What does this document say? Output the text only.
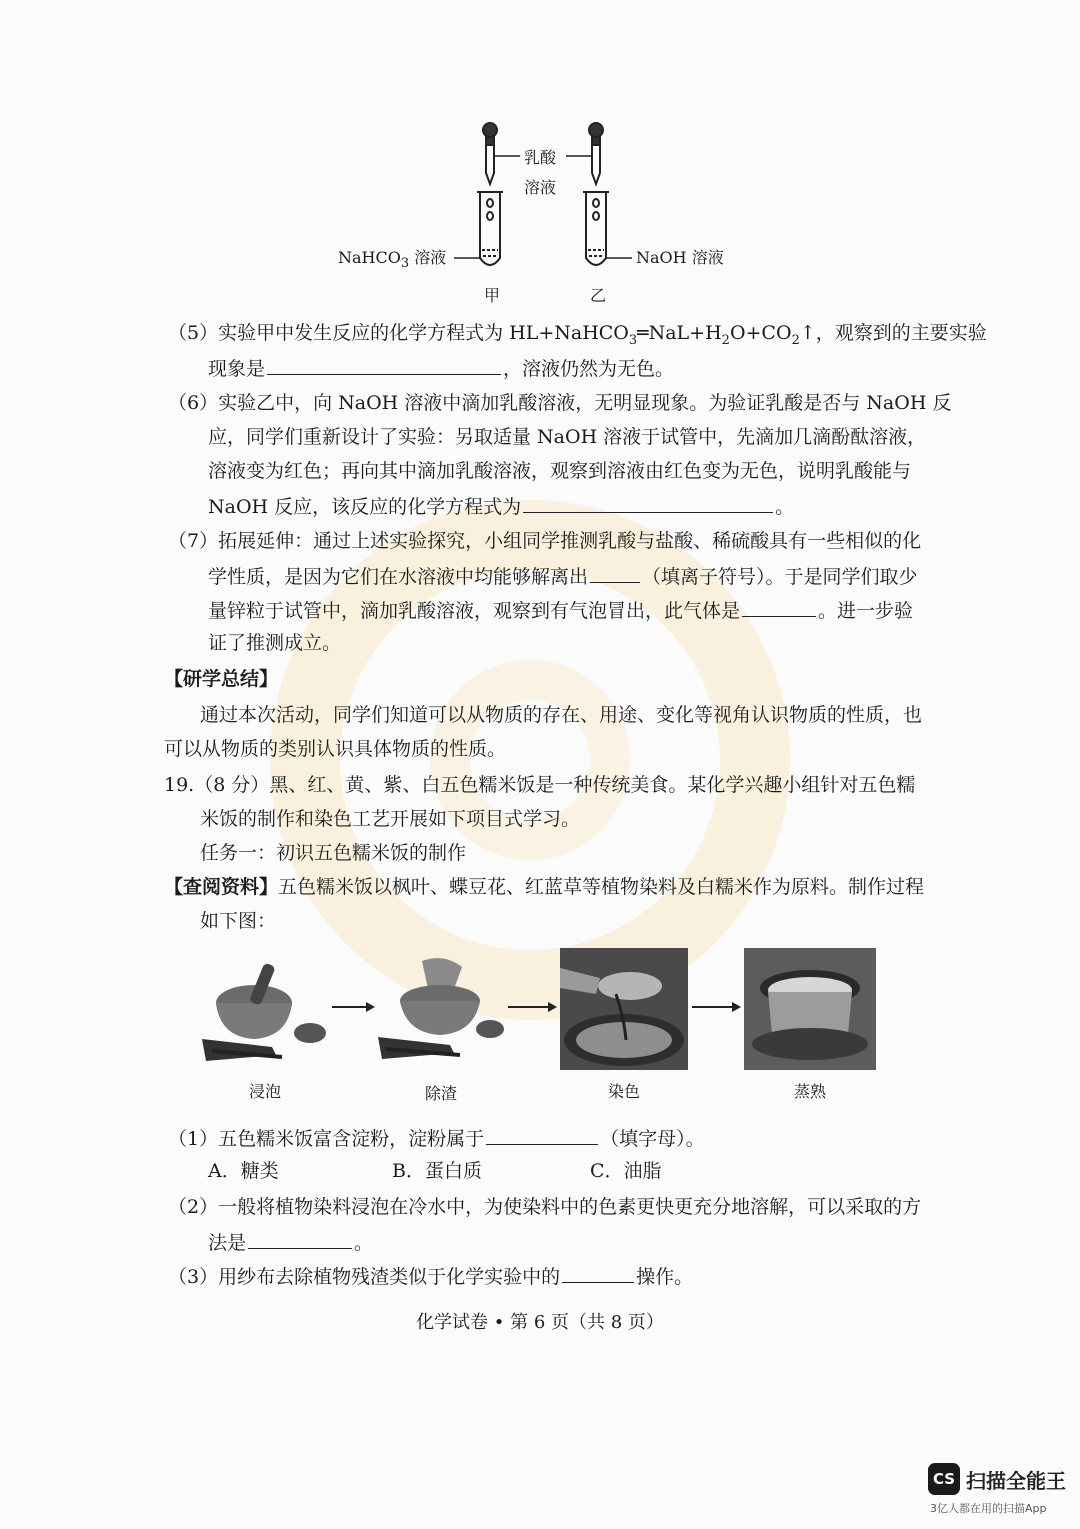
乳酸
溶液
NaHCO$_3$ 溶液	NaOH 溶液
甲	乙
（5）实验甲中发生反应的化学方程式为 $HL+NaHCO_3═NaL+H_2O+CO_2↑$，观察到的主要实验
现象是	，溶液仍然为无色。
（6）实验乙中，向 NaOH 溶液中滴加乳酸溶液，无明显现象。为验证乳酸是否与 NaOH 反
应，同学们重新设计了实验：另取适量 NaOH 溶液于试管中，先滴加几滴酚酞溶液，
溶液变为红色；再向其中滴加乳酸溶液，观察到溶液由红色变为无色，说明乳酸能与
NaOH 反应，该反应的化学方程式为	。
（7）拓展延伸：通过上述实验探究，小组同学推测乳酸与盐酸、稀硫酸具有一些相似的化
学性质，是因为它们在水溶液中均能够解离出	（填离子符号）。于是同学们取少
量锌粒于试管中，滴加乳酸溶液，观察到有气泡冒出，此气体是	。进一步验
证了推测成立。
【研学总结】
通过本次活动，同学们知道可以从物质的存在、用途、变化等视角认识物质的性质，也
可以从物质的类别认识具体物质的性质。
19.（8 分）黑、红、黄、紫、白五色糯米饭是一种传统美食。某化学兴趣小组针对五色糯
米饭的制作和染色工艺开展如下项目式学习。
任务一：初识五色糯米饭的制作
【查阅资料】五色糯米饭以枫叶、蝶豆花、红蓝草等植物染料及白糯米作为原料。制作过程
如下图：
浸泡	除渣	染色	蒸熟
（1）五色糯米饭富含淀粉，淀粉属于	（填字母）。
A．糖类	B．蛋白质	C．油脂
（2）一般将植物染料浸泡在冷水中，为使染料中的色素更快更充分地溶解，可以采取的方
法是	。
（3）用纱布去除植物残渣类似于化学实验中的	操作。
化学试卷 • 第 6 页（共 8 页）
CS 扫描全能王
3亿人都在用的扫描App
